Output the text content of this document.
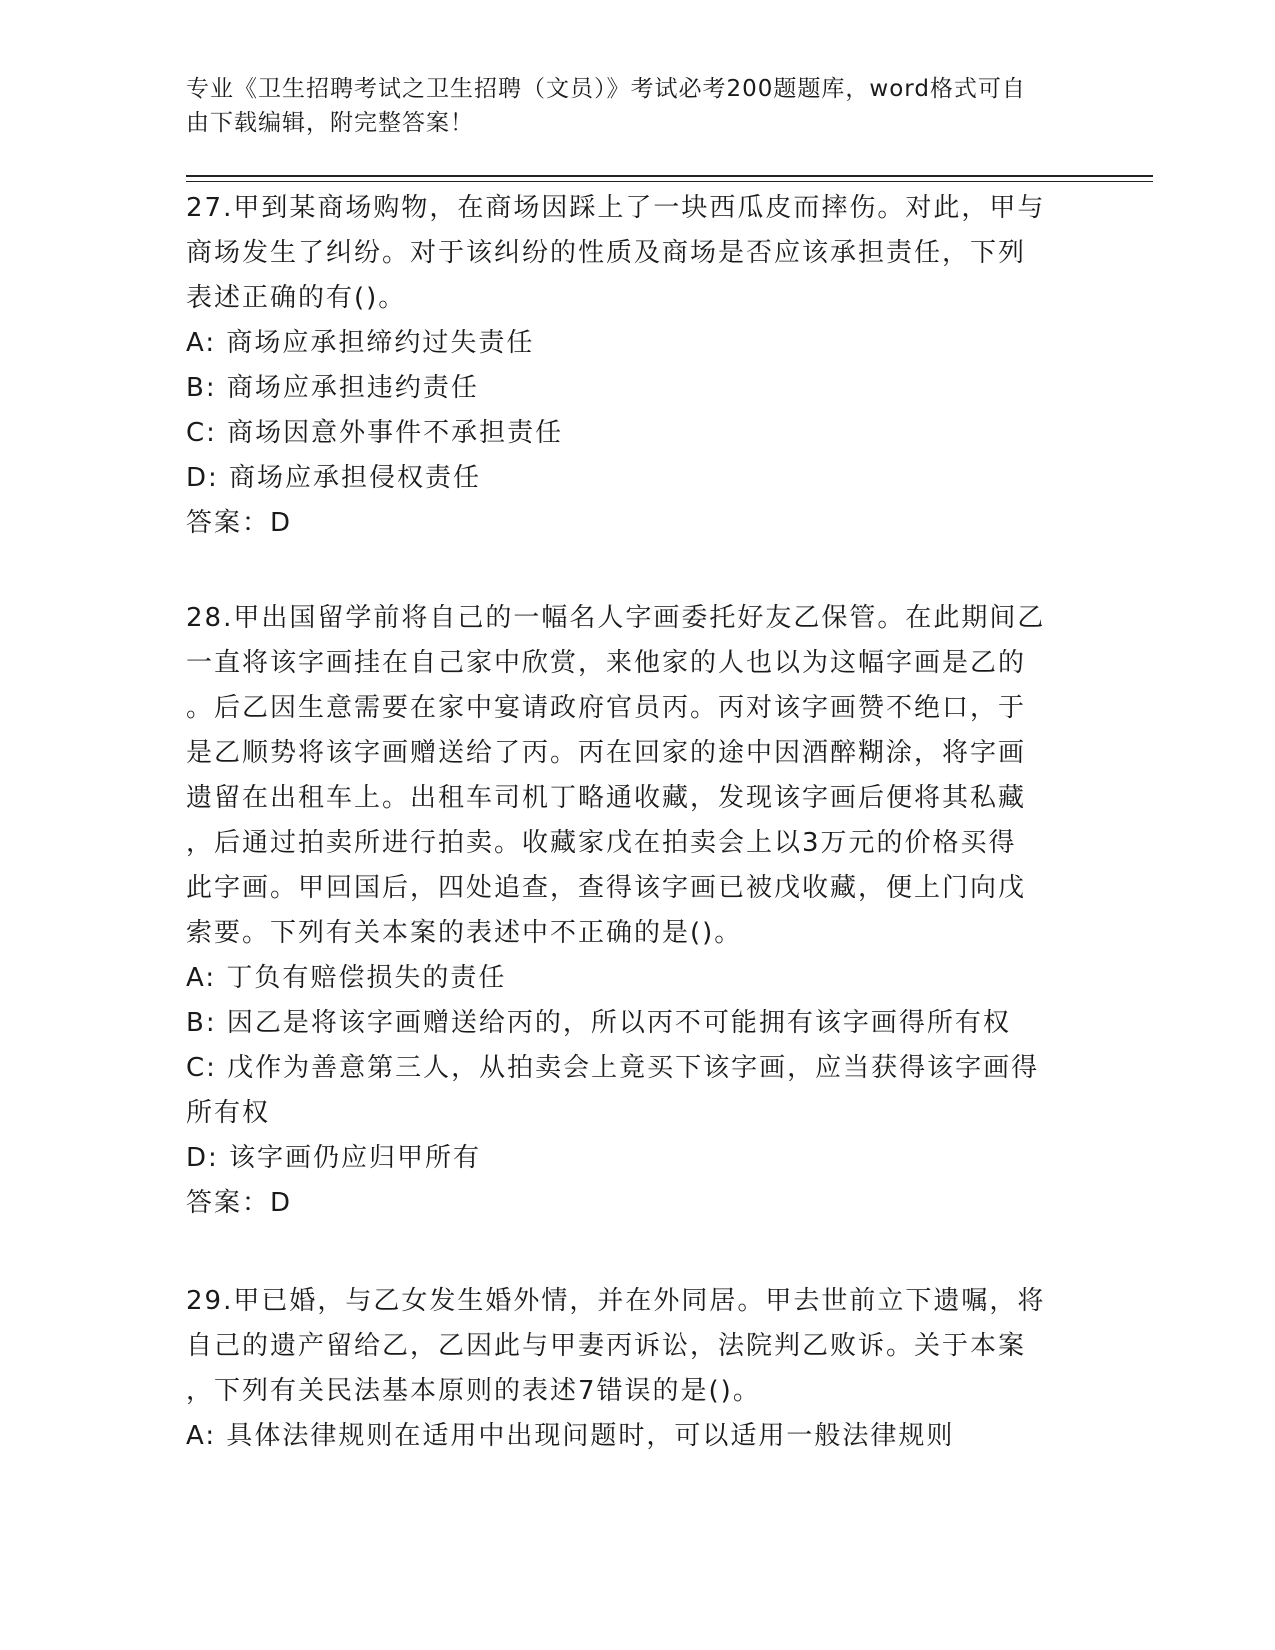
专业《卫生招聘考试之卫生招聘（文员）》考试必考200题题库，word格式可自
由下载编辑，附完整答案！
27.甲到某商场购物，在商场因踩上了一块西瓜皮而摔伤。对此，甲与
商场发生了纠纷。对于该纠纷的性质及商场是否应该承担责任，下列
表述正确的有()。
A: 商场应承担缔约过失责任
B: 商场应承担违约责任
C: 商场因意外事件不承担责任
D: 商场应承担侵权责任
答案：D
28.甲出国留学前将自己的一幅名人字画委托好友乙保管。在此期间乙
一直将该字画挂在自己家中欣赏，来他家的人也以为这幅字画是乙的
。后乙因生意需要在家中宴请政府官员丙。丙对该字画赞不绝口，于
是乙顺势将该字画赠送给了丙。丙在回家的途中因酒醉糊涂，将字画
遗留在出租车上。出租车司机丁略通收藏，发现该字画后便将其私藏
，后通过拍卖所进行拍卖。收藏家戊在拍卖会上以3万元的价格买得
此字画。甲回国后，四处追查，查得该字画已被戊收藏，便上门向戊
索要。下列有关本案的表述中不正确的是()。
A: 丁负有赔偿损失的责任
B: 因乙是将该字画赠送给丙的，所以丙不可能拥有该字画得所有权
C: 戊作为善意第三人，从拍卖会上竟买下该字画，应当获得该字画得
所有权
D: 该字画仍应归甲所有
答案：D
29.甲已婚，与乙女发生婚外情，并在外同居。甲去世前立下遗嘱，将
自己的遗产留给乙，乙因此与甲妻丙诉讼，法院判乙败诉。关于本案
，下列有关民法基本原则的表述7错误的是()。
A: 具体法律规则在适用中出现问题时，可以适用一般法律规则
